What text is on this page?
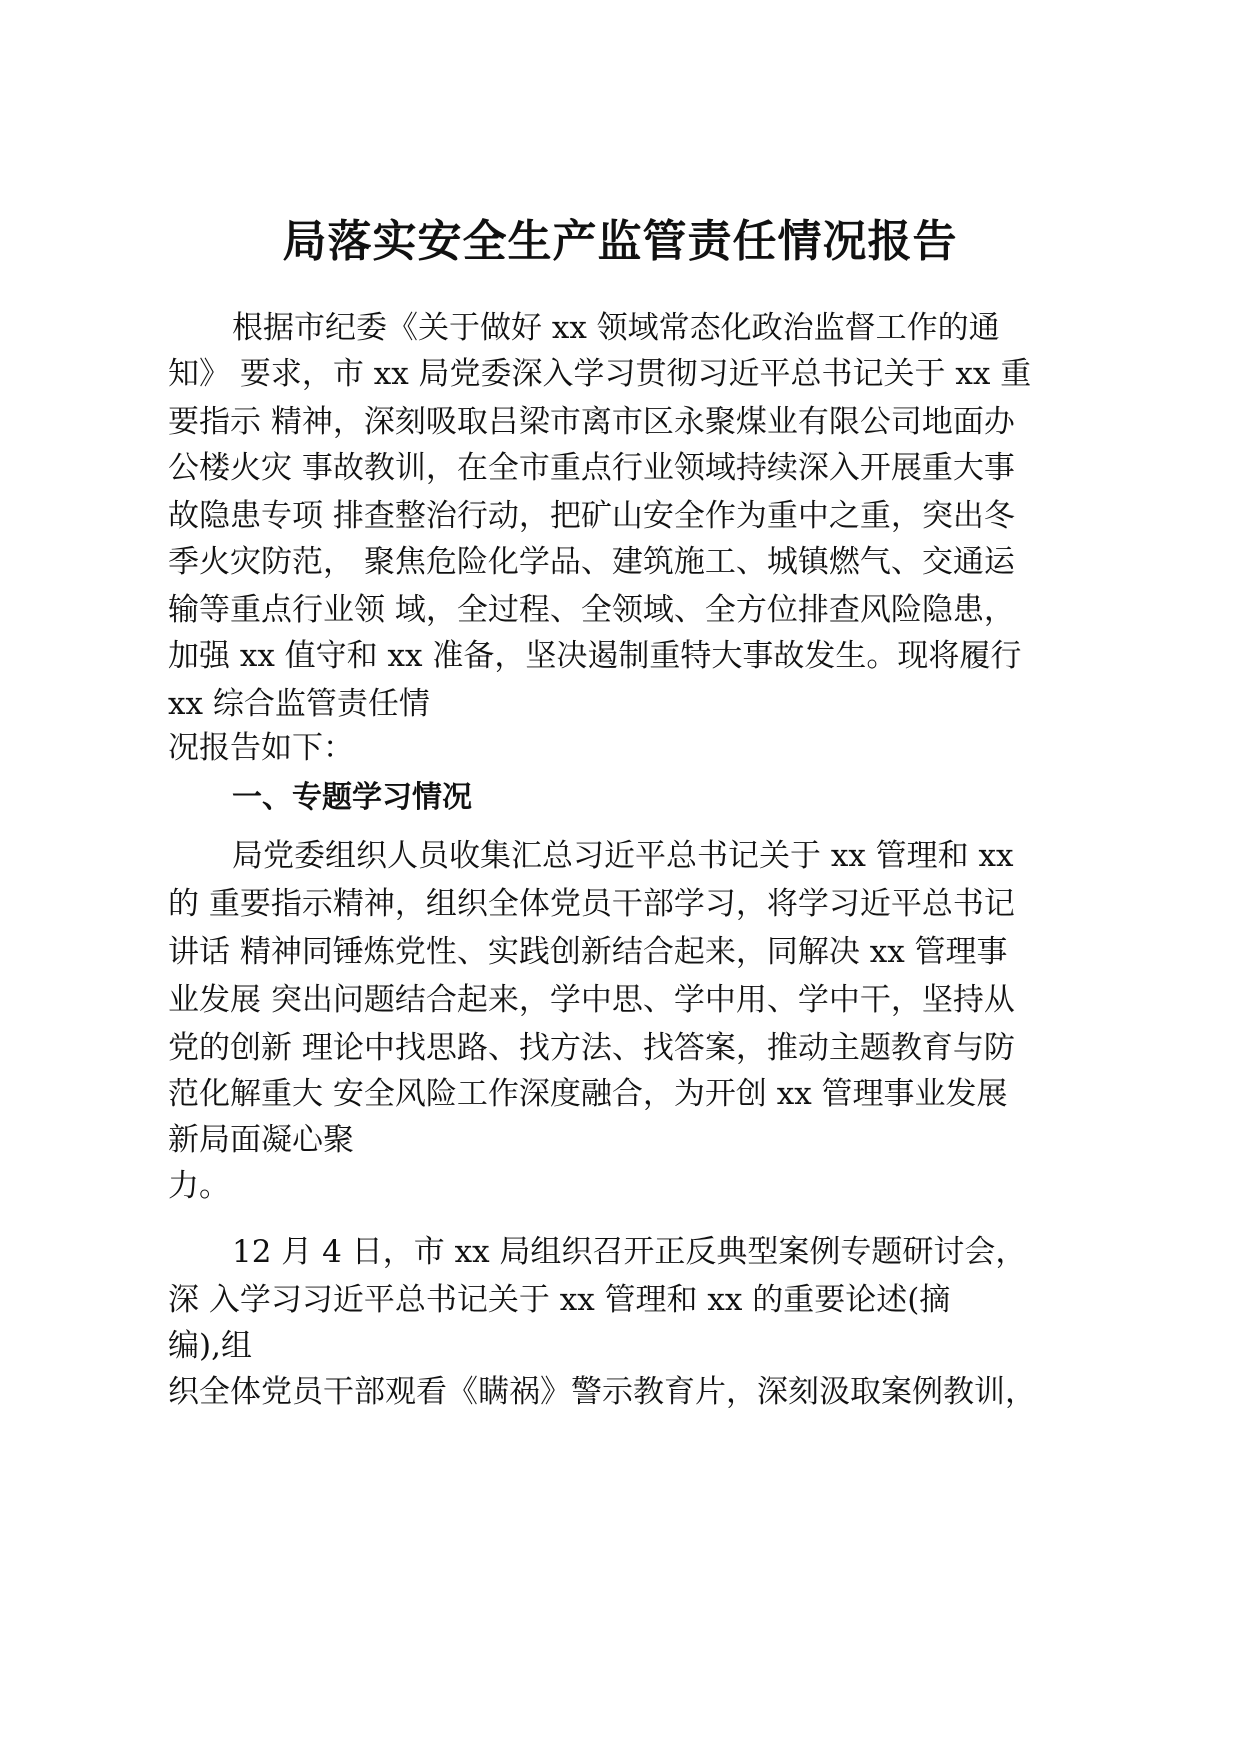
局落实安全生产监管责任情况报告

根据市纪委《关于做好 xx 领域常态化政治监督工作的通

知》 要求，市 xx 局党委深入学习贯彻习近平总书记关于 xx 重

要指示 精神，深刻吸取吕梁市离市区永聚煤业有限公司地面办

公楼火灾 事故教训，在全市重点行业领域持续深入开展重大事

故隐患专项 排查整治行动，把矿山安全作为重中之重，突出冬

季火灾防范， 聚焦危险化学品、建筑施工、城镇燃气、交通运

输等重点行业领 域，全过程、全领域、全方位排查风险隐患，

加强 xx 值守和 xx 准备，坚决遏制重特大事故发生。现将履行

xx 综合监管责任情

况报告如下：

一、专题学习情况

局党委组织人员收集汇总习近平总书记关于 xx 管理和 xx

的 重要指示精神，组织全体党员干部学习，将学习近平总书记

讲话 精神同锤炼党性、实践创新结合起来，同解决 xx 管理事

业发展 突出问题结合起来，学中思、学中用、学中干，坚持从

党的创新 理论中找思路、找方法、找答案，推动主题教育与防

范化解重大 安全风险工作深度融合，为开创 xx 管理事业发展

新局面凝心聚

力。

12 月 4 日，市 xx 局组织召开正反典型案例专题研讨会，

深 入学习习近平总书记关于 xx 管理和 xx 的重要论述(摘

编),组

织全体党员干部观看《瞒祸》警示教育片，深刻汲取案例教训，
